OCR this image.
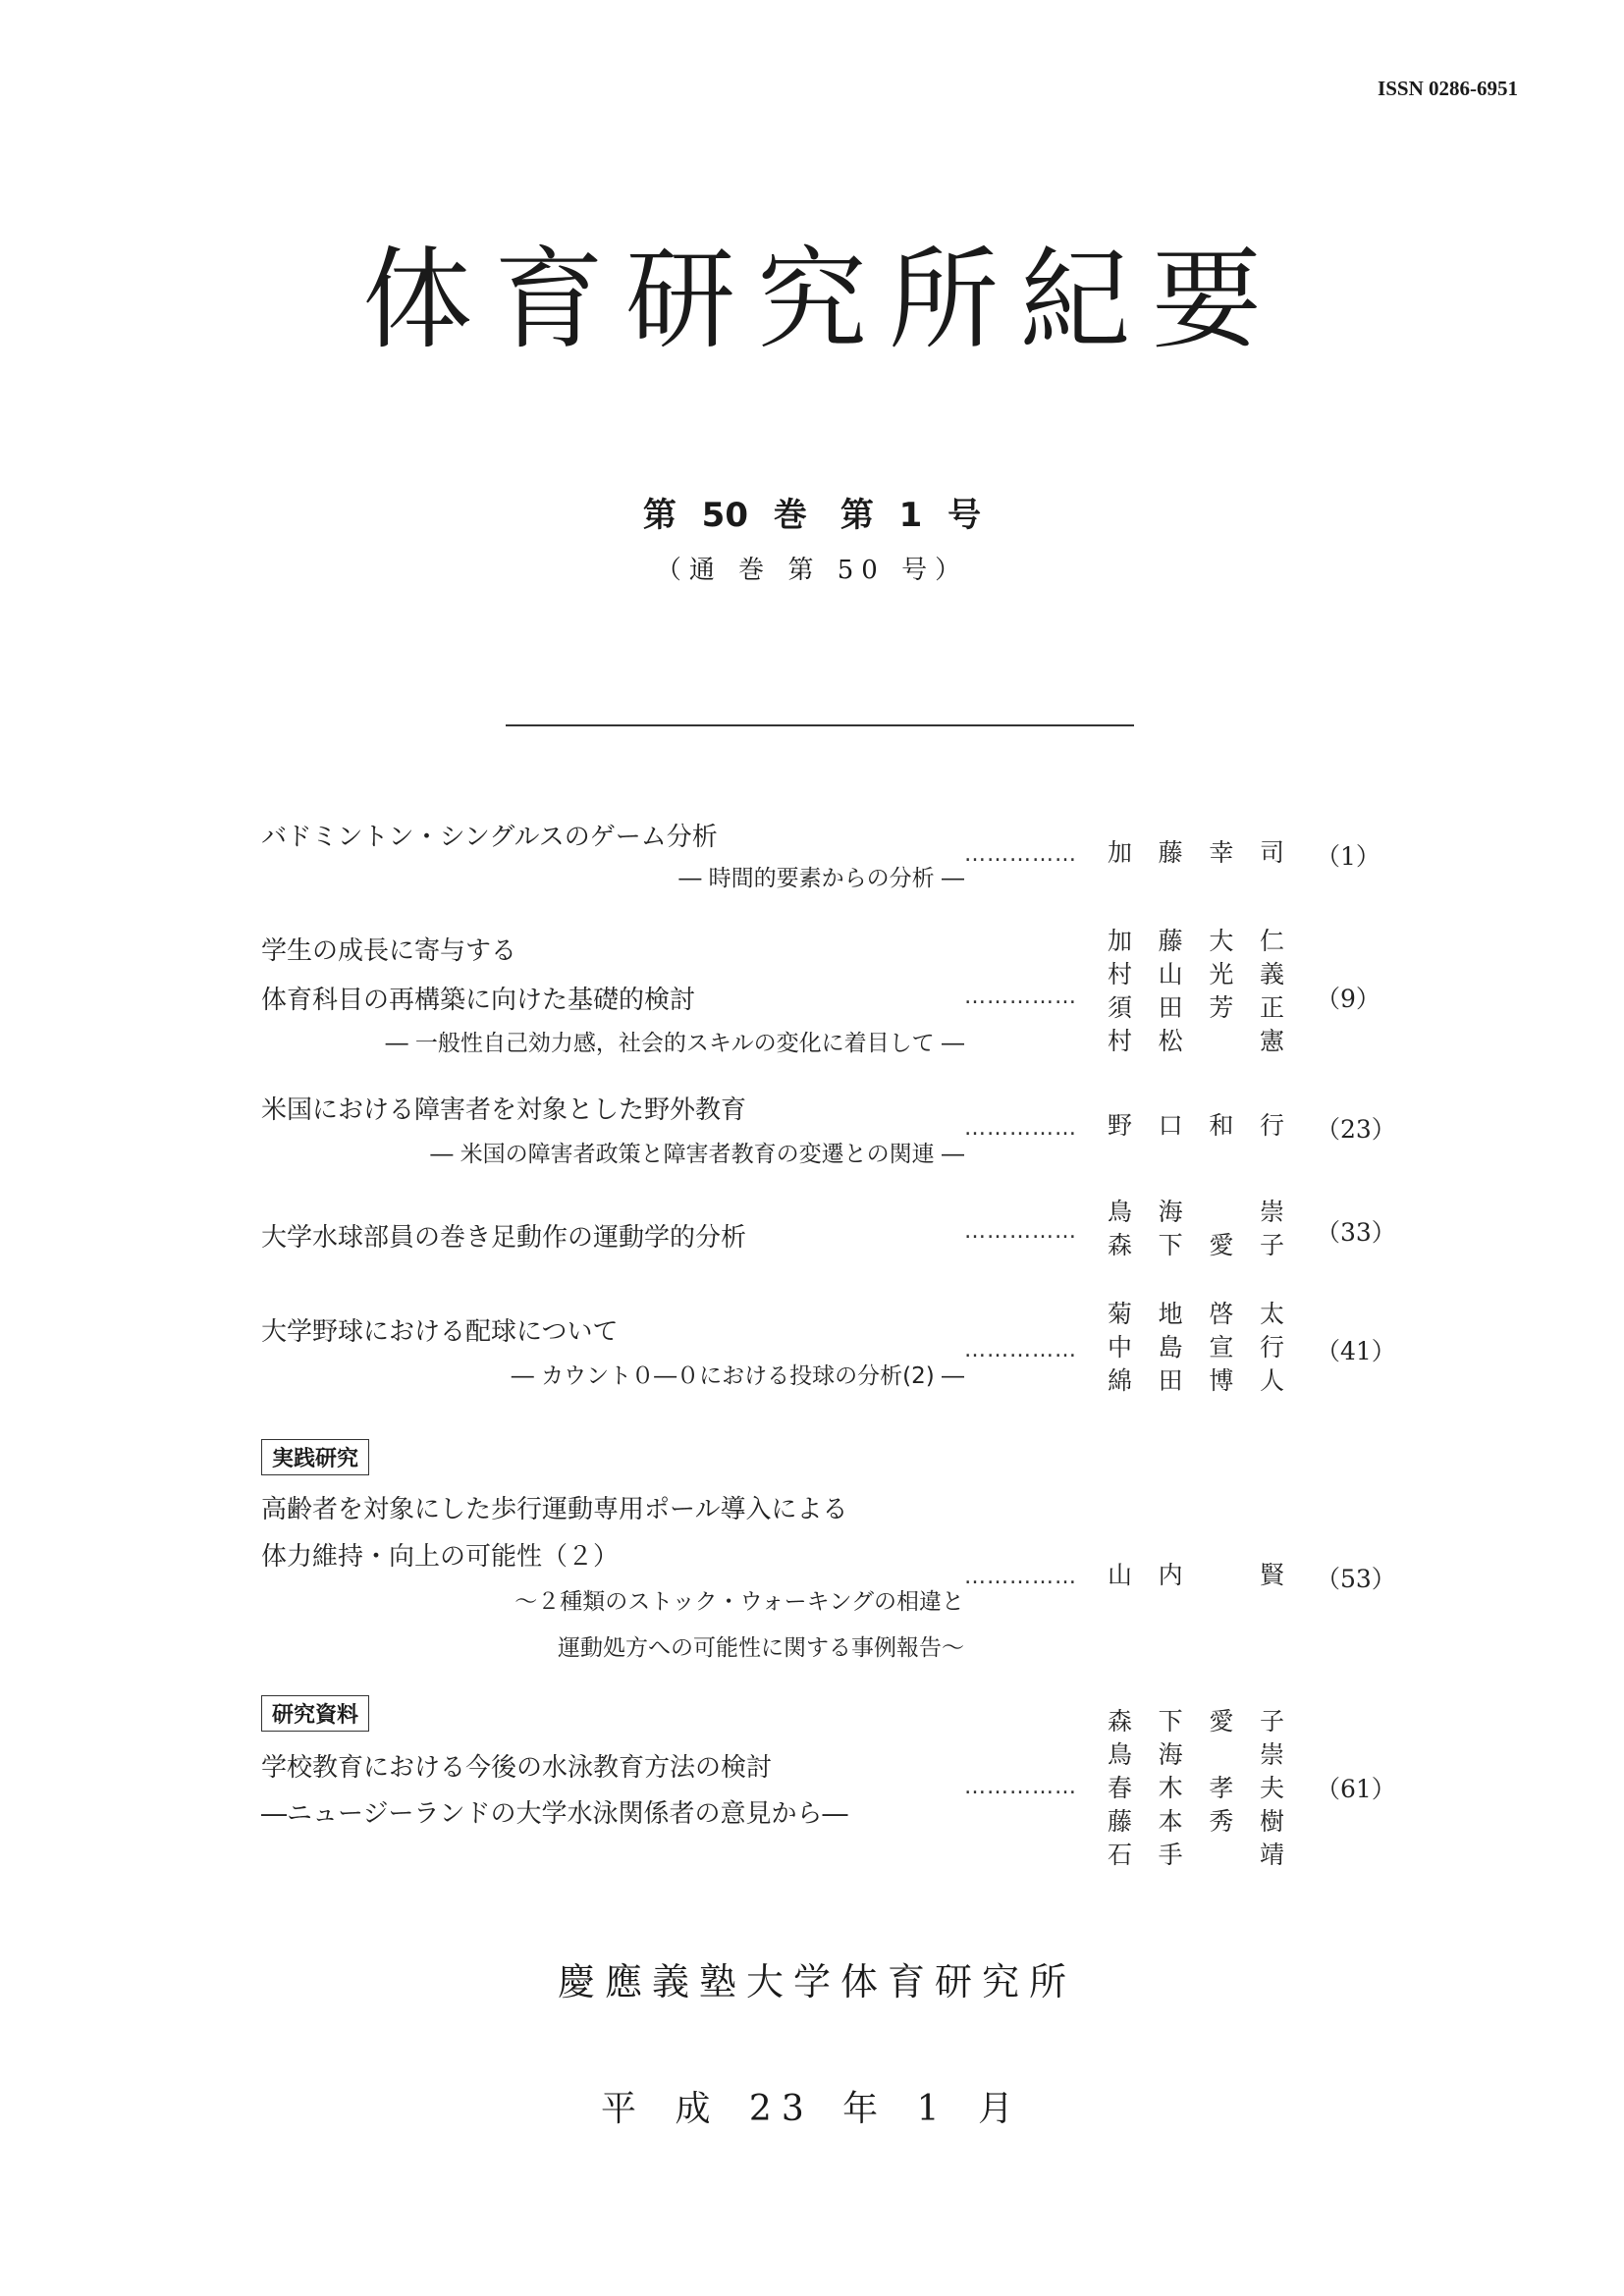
ISSN 0286-6951
体育研究所紀要
第 50 巻　第 1 号
（通 巻 第 50 号）
バドミントン・シングルスのゲーム分析
― 時間的要素からの分析 ―
…………… 加　藤　幸　司 （1）
学生の成長に寄与する
体育科目の再構築に向けた基礎的検討
― 一般性自己効力感，社会的スキルの変化に着目して ―
……………
加　藤　大　仁
村　山　光　義
須　田　芳　正
村　松　　　憲
（9）
米国における障害者を対象とした野外教育
― 米国の障害者政策と障害者教育の変遷との関連 ―
…………… 野　口　和　行 （23）
大学水球部員の巻き足動作の運動学的分析	……………
鳥　海　　　崇
森　下　愛　子 （33）
大学野球における配球について
― カウント０―０における投球の分析(2) ―
……………
菊　地　啓　太
中　島　宣　行
綿　田　博　人
（41）
実践研究
高齢者を対象にした歩行運動専用ポール導入による
体力維持・向上の可能性（２）
～２種類のストック・ウォーキングの相違と
運動処方への可能性に関する事例報告～
…………… 山　内　　　賢 （53）
研究資料
学校教育における今後の水泳教育方法の検討
―ニュージーランドの大学水泳関係者の意見から―
……………
森　下　愛　子
鳥　海　　　崇
春　木　孝　夫
藤　本　秀　樹
石　手　　　靖
（61）
慶應義塾大学体育研究所
平 成 23 年 1 月
